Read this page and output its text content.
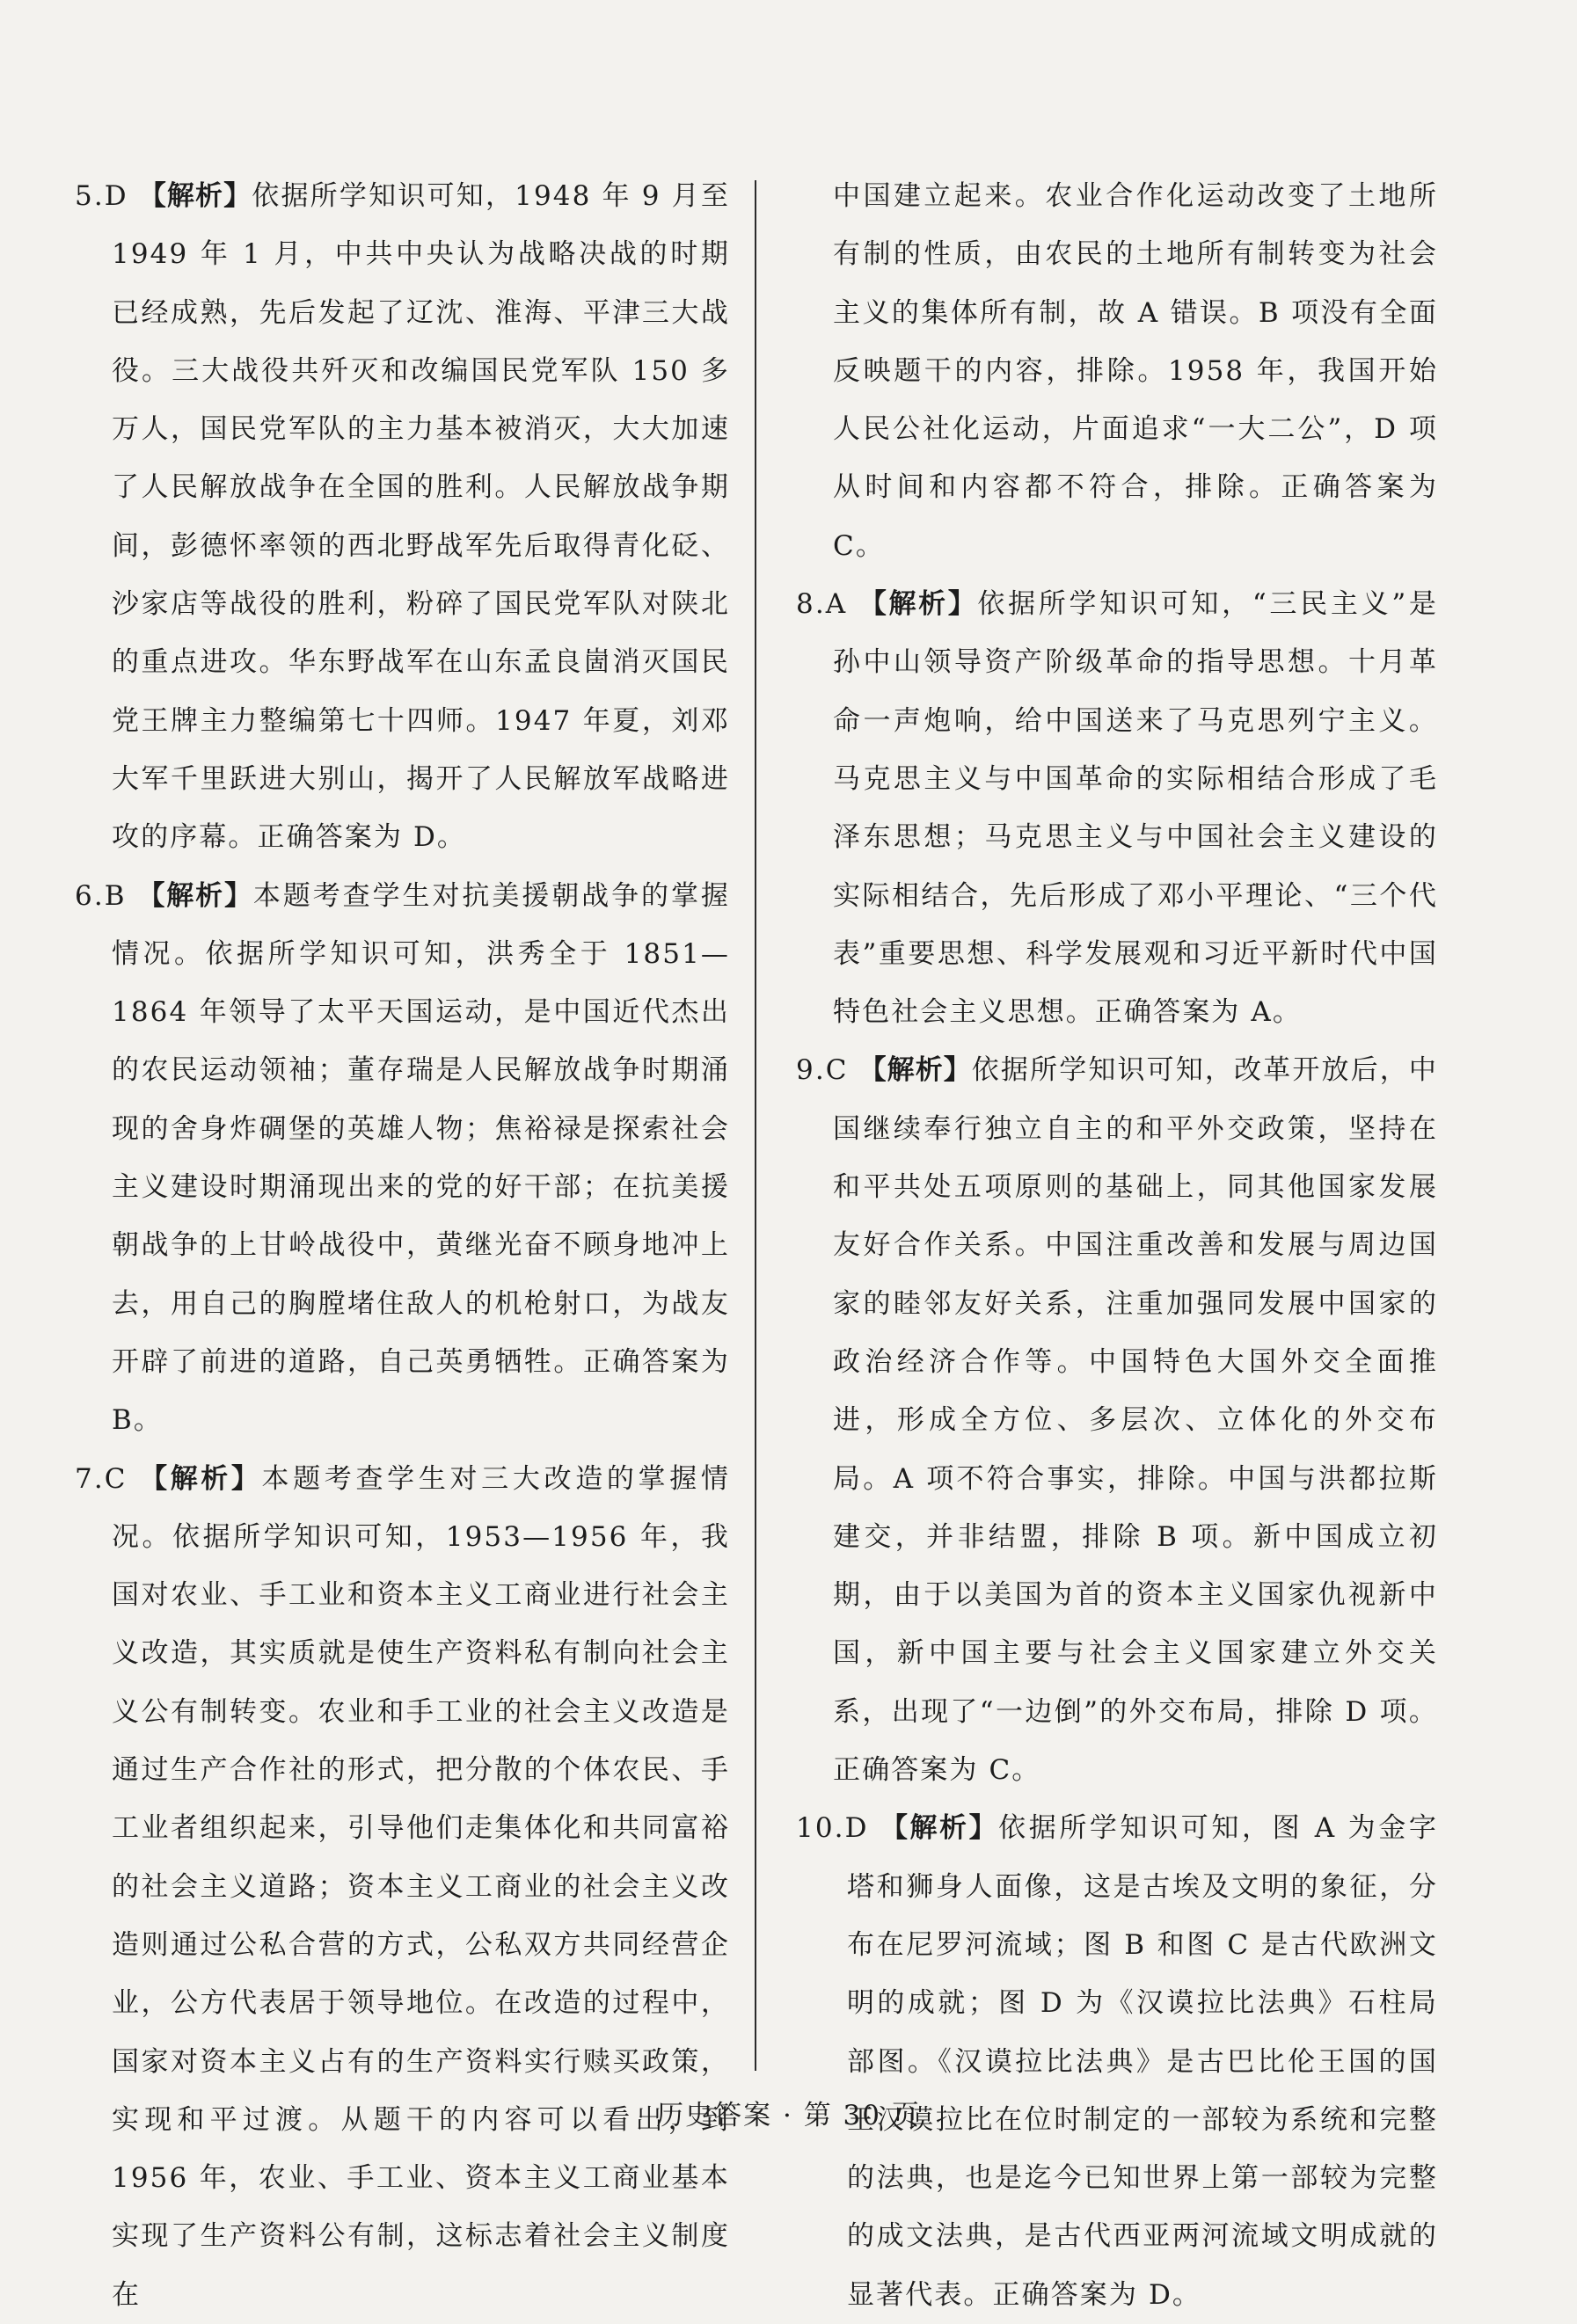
5.D 【解析】依据所学知识可知，1948 年 9 月至 1949 年 1 月，中共中央认为战略决战的时期已经成熟，先后发起了辽沈、淮海、平津三大战役。三大战役共歼灭和改编国民党军队 150 多万人，国民党军队的主力基本被消灭，大大加速了人民解放战争在全国的胜利。人民解放战争期间，彭德怀率领的西北野战军先后取得青化砭、沙家店等战役的胜利，粉碎了国民党军队对陕北的重点进攻。华东野战军在山东孟良崮消灭国民党王牌主力整编第七十四师。1947 年夏，刘邓大军千里跃进大别山，揭开了人民解放军战略进攻的序幕。正确答案为 D。

6.B 【解析】本题考查学生对抗美援朝战争的掌握情况。依据所学知识可知，洪秀全于 1851—1864 年领导了太平天国运动，是中国近代杰出的农民运动领袖；董存瑞是人民解放战争时期涌现的舍身炸碉堡的英雄人物；焦裕禄是探索社会主义建设时期涌现出来的党的好干部；在抗美援朝战争的上甘岭战役中，黄继光奋不顾身地冲上去，用自己的胸膛堵住敌人的机枪射口，为战友开辟了前进的道路，自己英勇牺牲。正确答案为 B。

7.C 【解析】本题考查学生对三大改造的掌握情况。依据所学知识可知，1953—1956 年，我国对农业、手工业和资本主义工商业进行社会主义改造，其实质就是使生产资料私有制向社会主义公有制转变。农业和手工业的社会主义改造是通过生产合作社的形式，把分散的个体农民、手工业者组织起来，引导他们走集体化和共同富裕的社会主义道路；资本主义工商业的社会主义改造则通过公私合营的方式，公私双方共同经营企业，公方代表居于领导地位。在改造的过程中，国家对资本主义占有的生产资料实行赎买政策，实现和平过渡。从题干的内容可以看出，到 1956 年，农业、手工业、资本主义工商业基本实现了生产资料公有制，这标志着社会主义制度在

中国建立起来。农业合作化运动改变了土地所有制的性质，由农民的土地所有制转变为社会主义的集体所有制，故 A 错误。B 项没有全面反映题干的内容，排除。1958 年，我国开始人民公社化运动，片面追求“一大二公”，D 项从时间和内容都不符合，排除。正确答案为 C。

8.A 【解析】依据所学知识可知，“三民主义”是孙中山领导资产阶级革命的指导思想。十月革命一声炮响，给中国送来了马克思列宁主义。马克思主义与中国革命的实际相结合形成了毛泽东思想；马克思主义与中国社会主义建设的实际相结合，先后形成了邓小平理论、“三个代表”重要思想、科学发展观和习近平新时代中国特色社会主义思想。正确答案为 A。

9.C 【解析】依据所学知识可知，改革开放后，中国继续奉行独立自主的和平外交政策，坚持在和平共处五项原则的基础上，同其他国家发展友好合作关系。中国注重改善和发展与周边国家的睦邻友好关系，注重加强同发展中国家的政治经济合作等。中国特色大国外交全面推进，形成全方位、多层次、立体化的外交布局。A 项不符合事实，排除。中国与洪都拉斯建交，并非结盟，排除 B 项。新中国成立初期，由于以美国为首的资本主义国家仇视新中国，新中国主要与社会主义国家建立外交关系，出现了“一边倒”的外交布局，排除 D 项。正确答案为 C。

10.D 【解析】依据所学知识可知，图 A 为金字塔和狮身人面像，这是古埃及文明的象征，分布在尼罗河流域；图 B 和图 C 是古代欧洲文明的成就；图 D 为《汉谟拉比法典》石柱局部图。《汉谟拉比法典》是古巴比伦王国的国王汉谟拉比在位时制定的一部较为系统和完整的法典，也是迄今已知世界上第一部较为完整的成文法典，是古代西亚两河流域文明成就的显著代表。正确答案为 D。

历史答案 · 第 30 页
